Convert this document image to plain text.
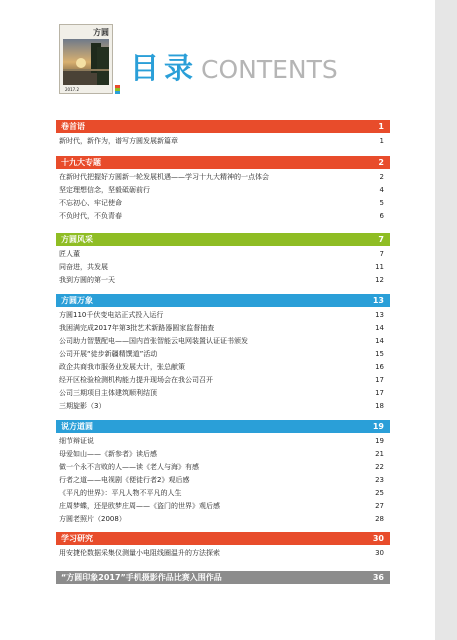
方圆
2017.2
目录 CONTENTS
卷首语	1
新时代，新作为，谱写方圆发展新篇章	1
十九大专题	2
在新时代把握好方圆新一轮发展机遇——学习十九大精神的一点体会	2
坚定理想信念，坚毅砥砺前行	4
不忘初心、牢记使命	5
不负时代，不负青春	6
方圆风采	7
匠人董	7
同奋进，共发展	11
我到方圆的第一天	12
方圆万象	13
方圆110千伏变电站正式投入运行	13
我困满完成2017年第3批艺术新路器圆家监督抽查	14
公司助力智慧配电——国内首张智能云电网装置认证证书颁发	14
公司开展“徒步新疆精馔道”活动	15
政企共商我市服务业发展大计，张总献策	16
经开区检验检测机构能力提升现场会在我公司召开	17
公司三期项目主体建筑顺利结顶	17
三期旋影（3）	18
说方道圆	19
细节辩证说	19
母爱如山——《新参者》读后感	21
做一个永不言败的人——读《老人与海》有感	22
行者之道——电视剧《便徒行者2》观后感	23
《平凡的世界》：平凡人物不平凡的人生	25
庄周梦蝶，还是欧梦庄周——《盗门的世界》观后感	27
方圆老照片（2008）	28
学习研究	30
用安捷伦数据采集仪测量小电阻线圈温升的方法探索	30
“方圆印象2017”手机摄影作品比赛入围作品	36
